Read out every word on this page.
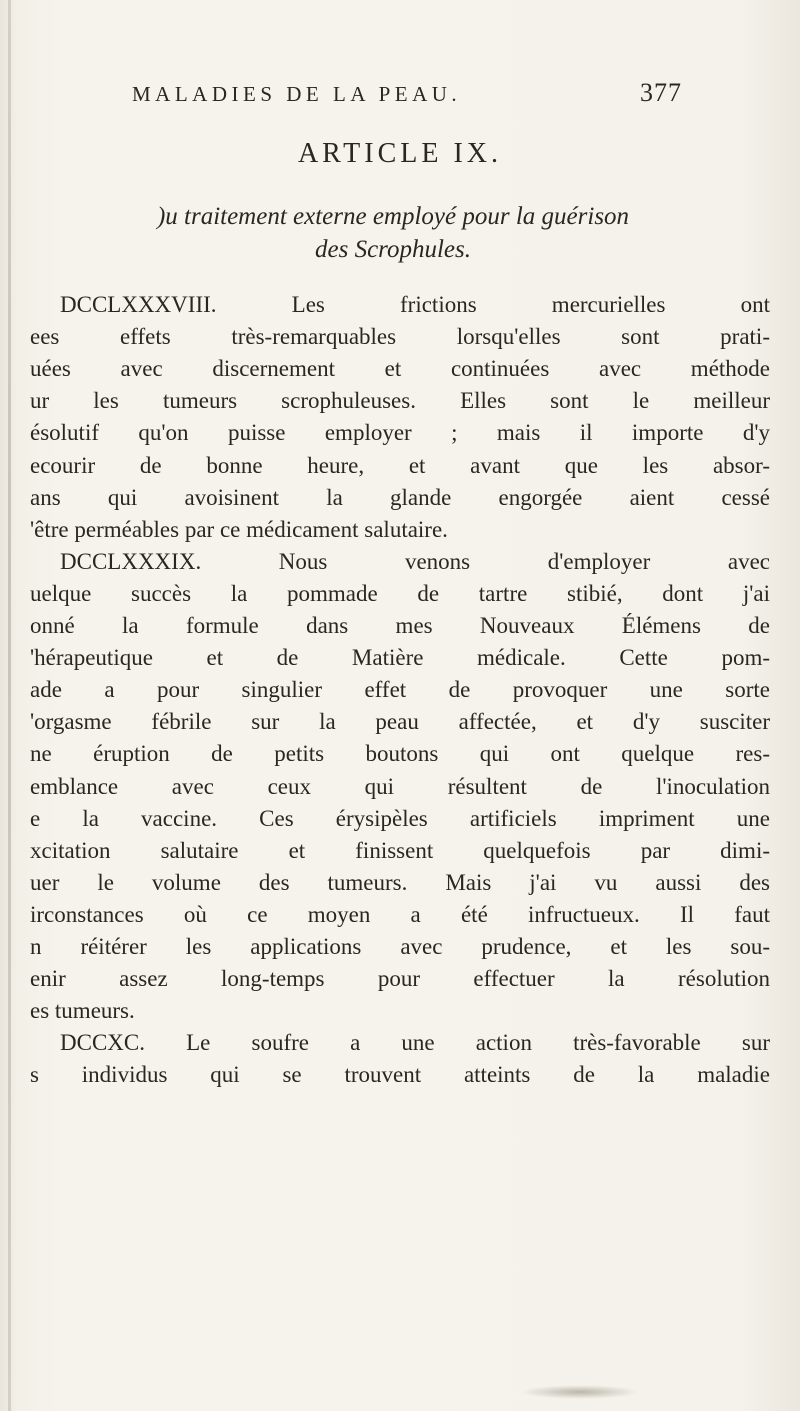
MALADIES DE LA PEAU.	377
ARTICLE IX.
)u traitement externe employé pour la guérison
des Scrophules.
DCCLXXXVIII. Les frictions mercurielles ont
ees effets très-remarquables lorsqu'elles sont prati-
uées avec discernement et continuées avec méthode
ur les tumeurs scrophuleuses. Elles sont le meilleur
ésolutif qu'on puisse employer ; mais il importe d'y
ecourir de bonne heure, et avant que les absor-
ans qui avoisinent la glande engorgée aient cessé
'être perméables par ce médicament salutaire.
DCCLXXXIX. Nous venons d'employer avec
uelque succès la pommade de tartre stibié, dont j'ai
onné la formule dans mes Nouveaux Élémens de
'hérapeutique et de Matière médicale. Cette pom-
ade a pour singulier effet de provoquer une sorte
'orgasme fébrile sur la peau affectée, et d'y susciter
ne éruption de petits boutons qui ont quelque res-
emblance avec ceux qui résultent de l'inoculation
e la vaccine. Ces érysipèles artificiels impriment une
xcitation salutaire et finissent quelquefois par dimi-
uer le volume des tumeurs. Mais j'ai vu aussi des
irconstances où ce moyen a été infructueux. Il faut
n réitérer les applications avec prudence, et les sou-
enir assez long-temps pour effectuer la résolution
es tumeurs.
DCCXC. Le soufre a une action très-favorable sur
s individus qui se trouvent atteints de la maladie
